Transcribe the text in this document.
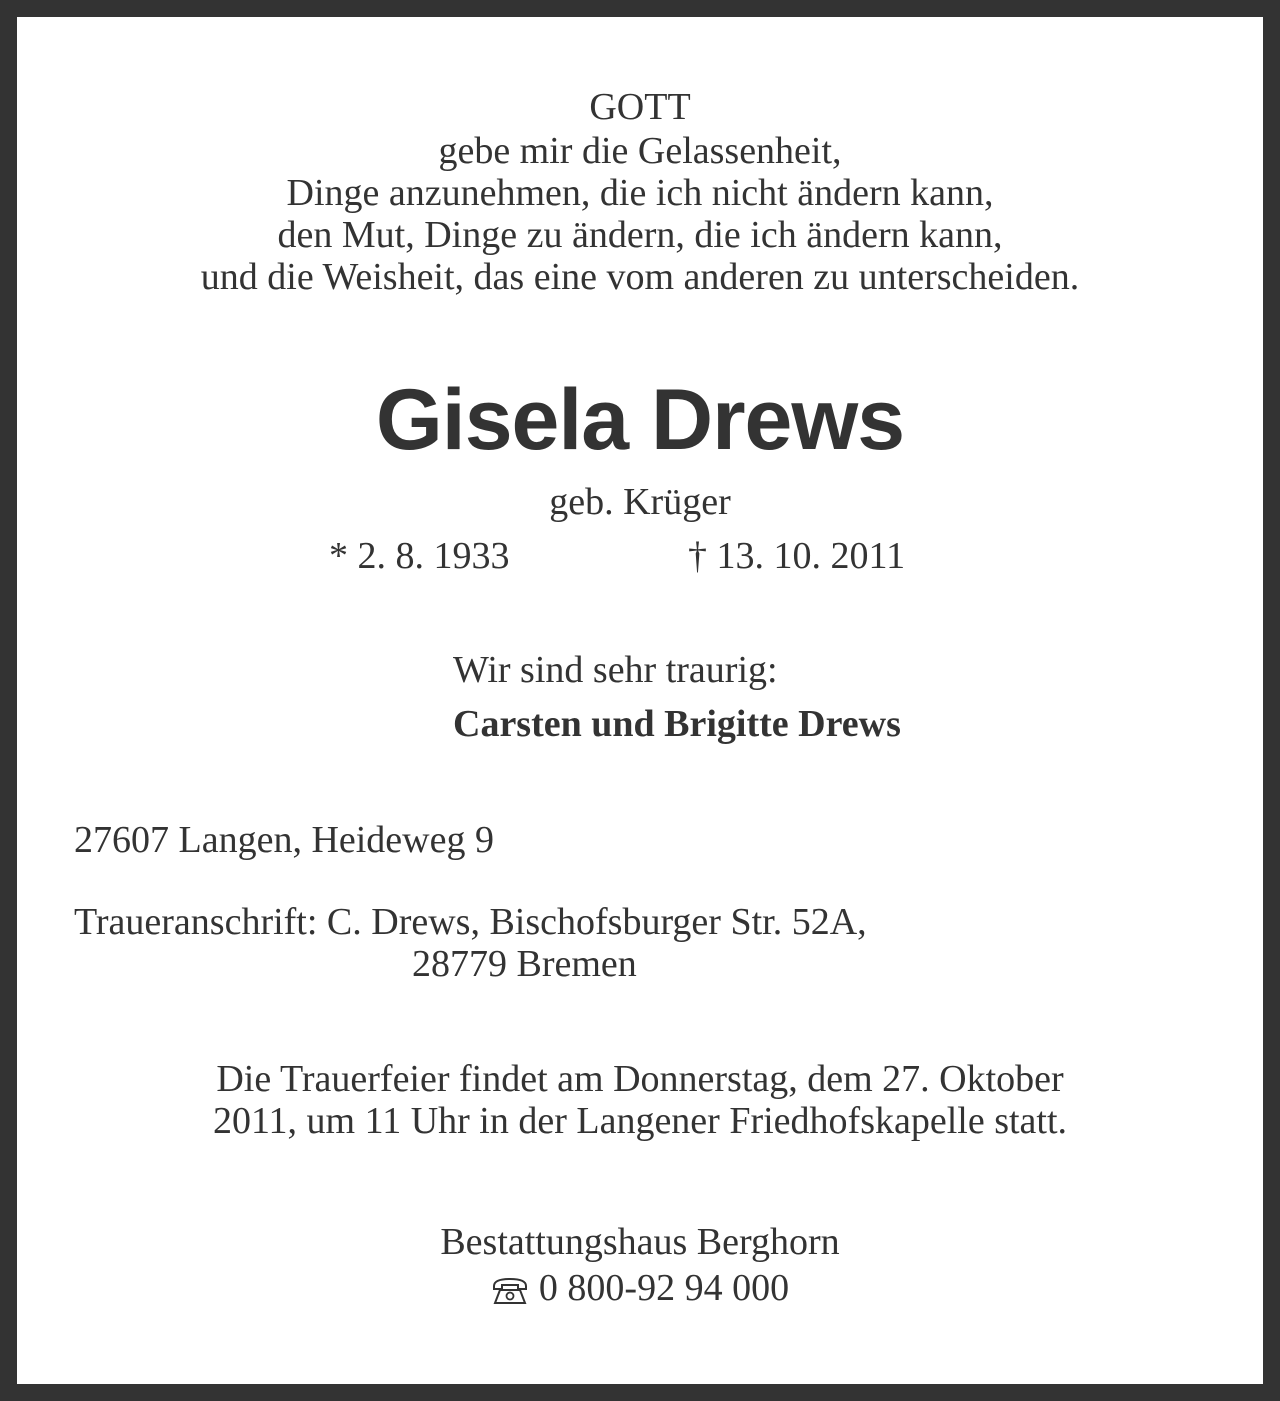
GOTT
gebe mir die Gelassenheit,
Dinge anzunehmen, die ich nicht ändern kann,
den Mut, Dinge zu ändern, die ich ändern kann,
und die Weisheit, das eine vom anderen zu unterscheiden.
Gisela Drews
geb. Krüger
* 2. 8. 1933	† 13. 10. 2011
Wir sind sehr traurig:
Carsten und Brigitte Drews
27607 Langen, Heideweg 9
Traueranschrift: C. Drews, Bischofsburger Str. 52A,
28779 Bremen
Die Trauerfeier findet am Donnerstag, dem 27. Oktober
2011, um 11 Uhr in der Langener Friedhofskapelle statt.
Bestattungshaus Berghorn
0 800-92 94 000
